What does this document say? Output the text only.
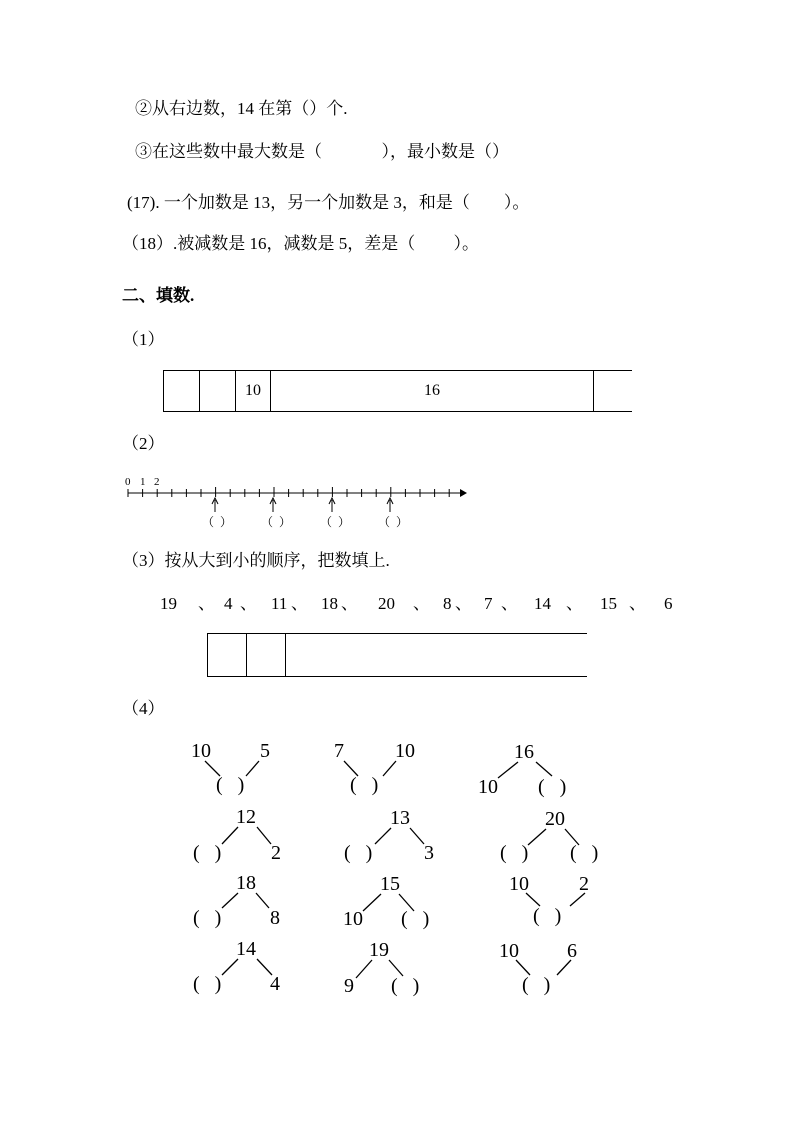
②从右边数，14 在第（）个.
③在这些数中最大数是（              ），最小数是（）
(17). 一个加数是 13，另一个加数是 3，和是（        ）。
（18）.被减数是 16，减数是 5，差是（         ）。
二、填数.
（1）
10	16
（2）
0 1 2
（  ） （  ） （  ） （  ）
（3）按从大到小的顺序，把数填上.
19 、 4 、 11 、 18 、 20 、 8 、 7 、 14 、 15 、 6
（4）
10 5
(   )
7	10
(   )
16
10 (   )
12
(   ) 2
13
(   )	3
20
(   ) (   )
18
(   ) 8
15
10 (   )
10	2
(   )
14
(   ) 4
19
9 (   )
10 6
(   )
